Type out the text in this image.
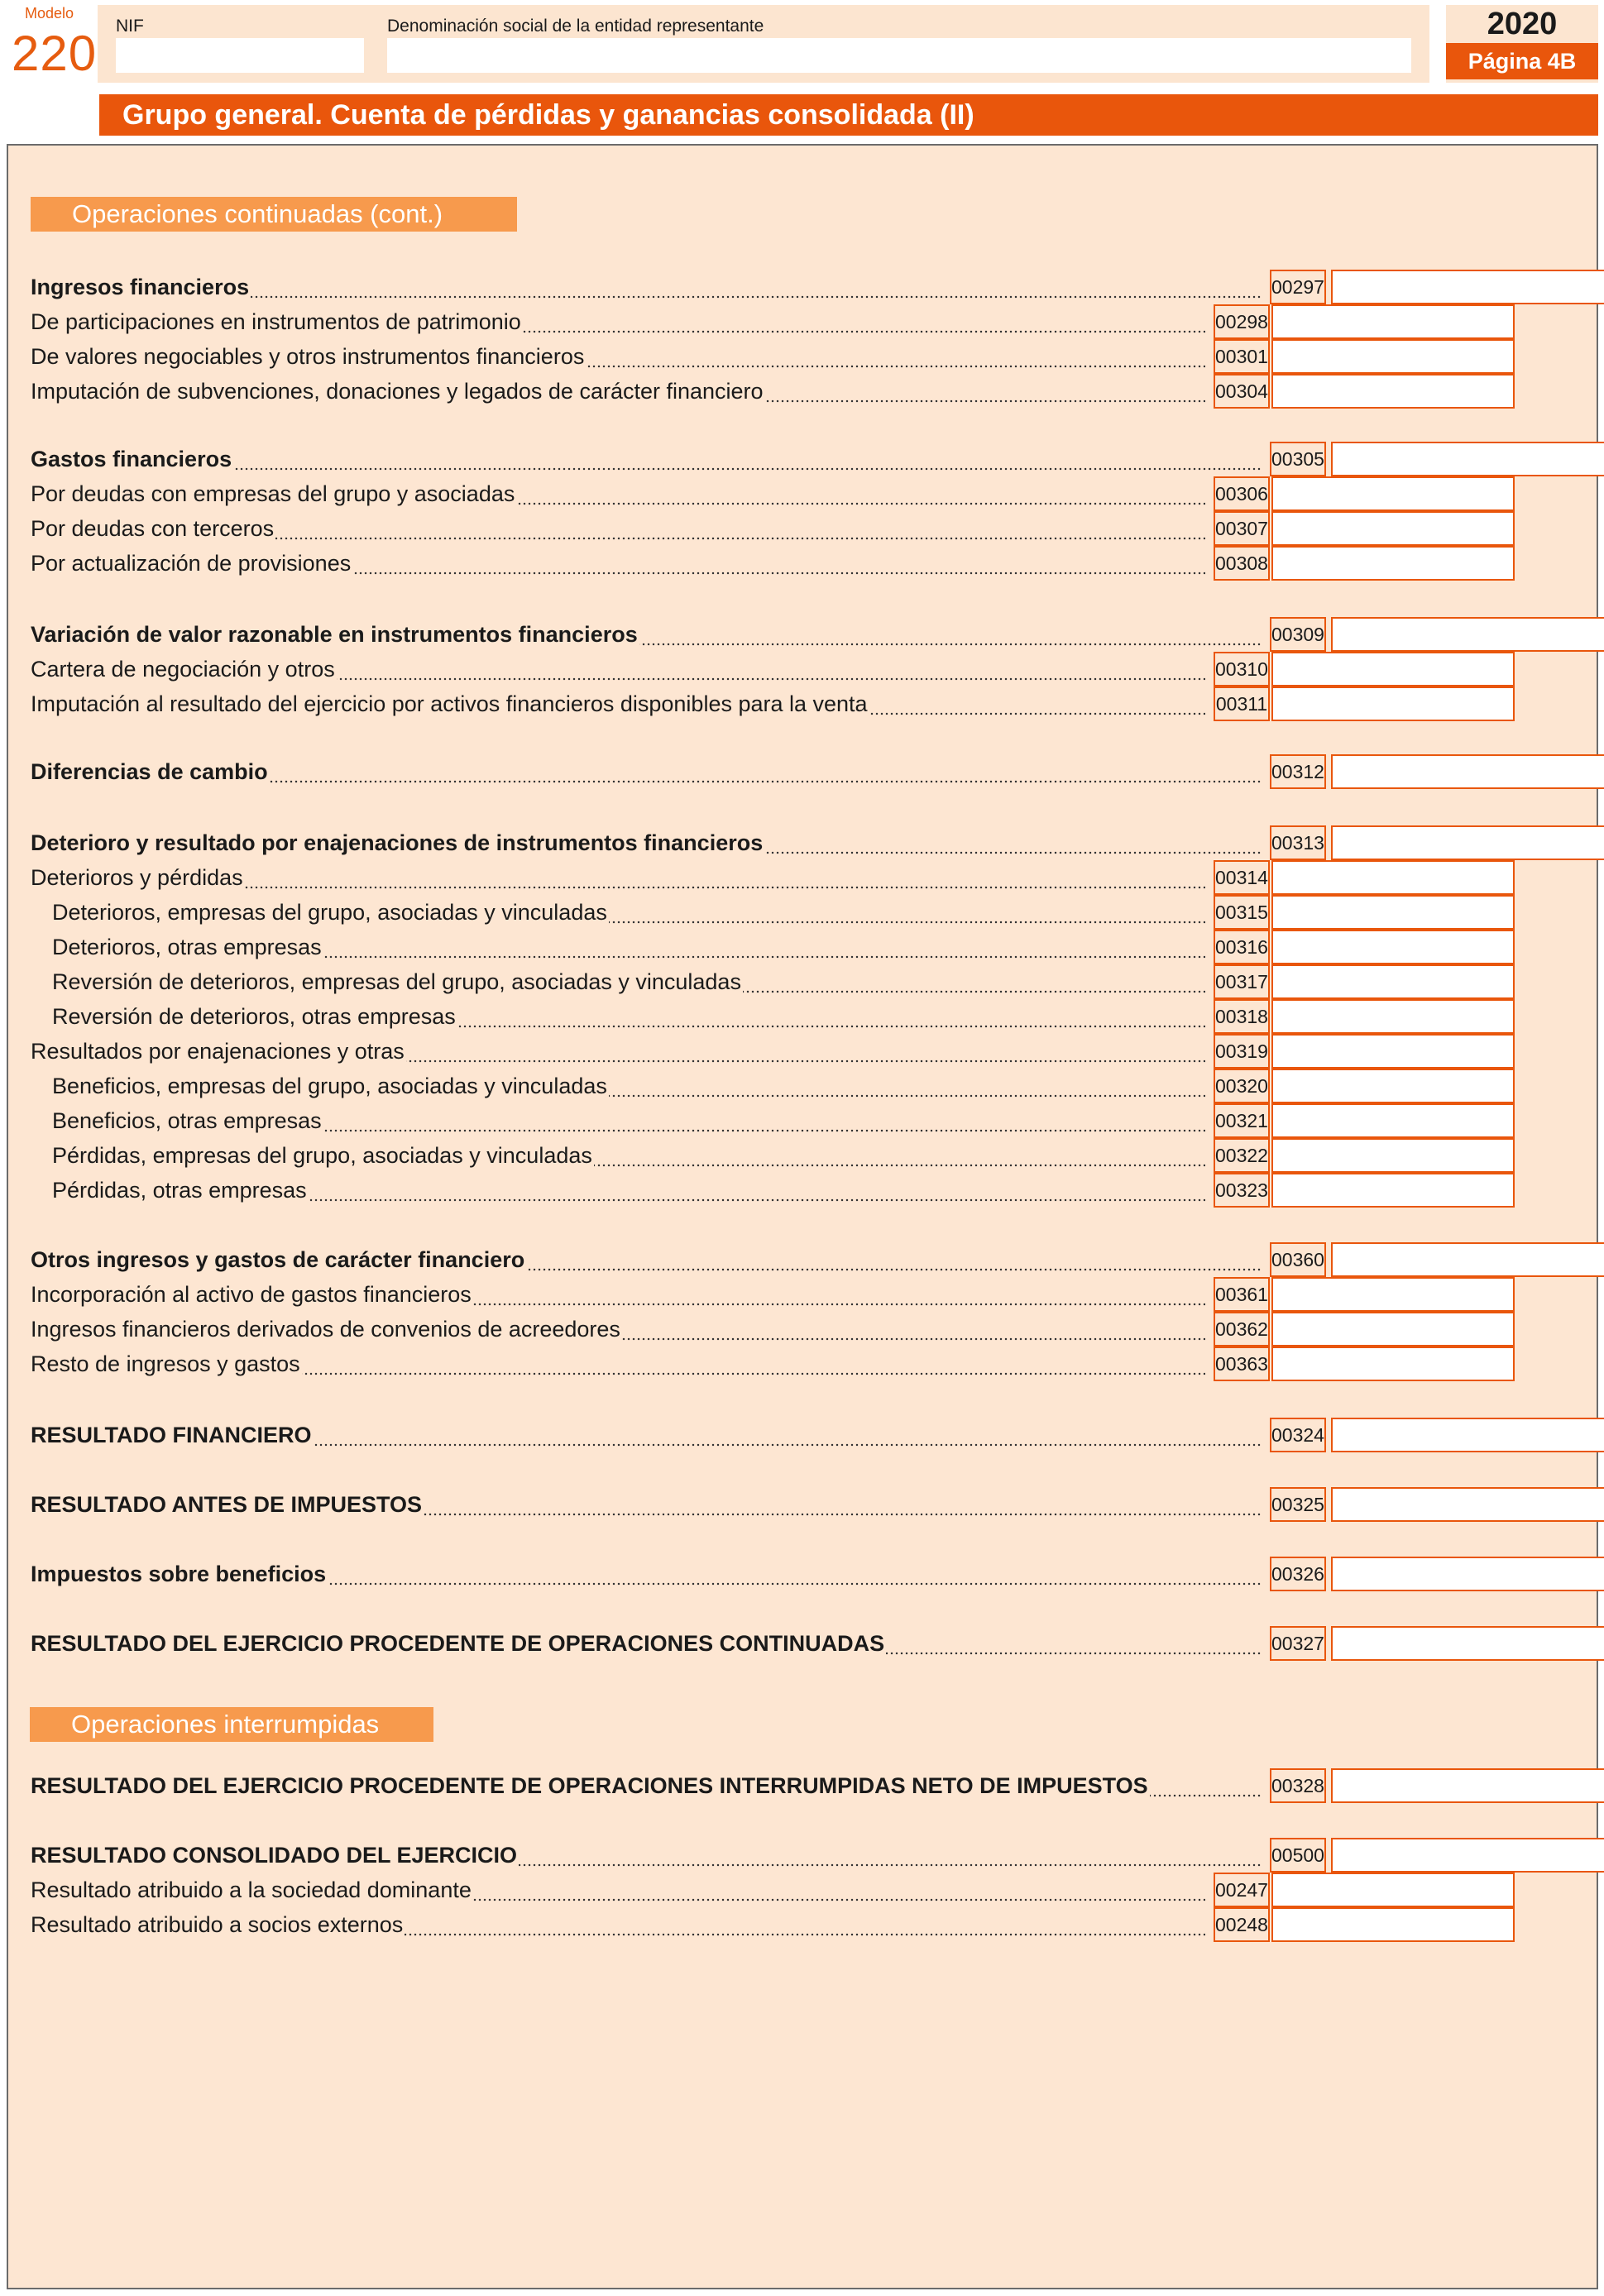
Modelo
220 NIF	Denominación social de la entidad representante	2020
Página 4B
Grupo general. Cuenta de pérdidas y ganancias consolidada (II)
Operaciones continuadas (cont.)
Operaciones interrumpidas
Ingresos financieros	00297
De participaciones en instrumentos de patrimonio	00298
De valores negociables y otros instrumentos financieros	00301
Imputación de subvenciones, donaciones y legados de carácter financiero	00304
Gastos financieros	00305
Por deudas con empresas del grupo y asociadas	00306
Por deudas con terceros	00307
Por actualización de provisiones	00308
Variación de valor razonable en instrumentos financieros	00309
Cartera de negociación y otros	00310
Imputación al resultado del ejercicio por activos financieros disponibles para la venta	00311
Diferencias de cambio	00312
Deterioro y resultado por enajenaciones de instrumentos financieros	00313
Deterioros y pérdidas	00314
Deterioros, empresas del grupo, asociadas y vinculadas	00315
Deterioros, otras empresas	00316
Reversión de deterioros, empresas del grupo, asociadas y vinculadas	00317
Reversión de deterioros, otras empresas	00318
Resultados por enajenaciones y otras	00319
Beneficios, empresas del grupo, asociadas y vinculadas	00320
Beneficios, otras empresas	00321
Pérdidas, empresas del grupo, asociadas y vinculadas	00322
Pérdidas, otras empresas	00323
Otros ingresos y gastos de carácter financiero	00360
Incorporación al activo de gastos financieros	00361
Ingresos financieros derivados de convenios de acreedores	00362
Resto de ingresos y gastos	00363
RESULTADO FINANCIERO	00324
RESULTADO ANTES DE IMPUESTOS	00325
Impuestos sobre beneficios	00326
RESULTADO DEL EJERCICIO PROCEDENTE DE OPERACIONES CONTINUADAS	00327
RESULTADO DEL EJERCICIO PROCEDENTE DE OPERACIONES INTERRUMPIDAS NETO DE IMPUESTOS	00328
RESULTADO CONSOLIDADO DEL EJERCICIO	00500
Resultado atribuido a la sociedad dominante	00247
Resultado atribuido a socios externos	00248
